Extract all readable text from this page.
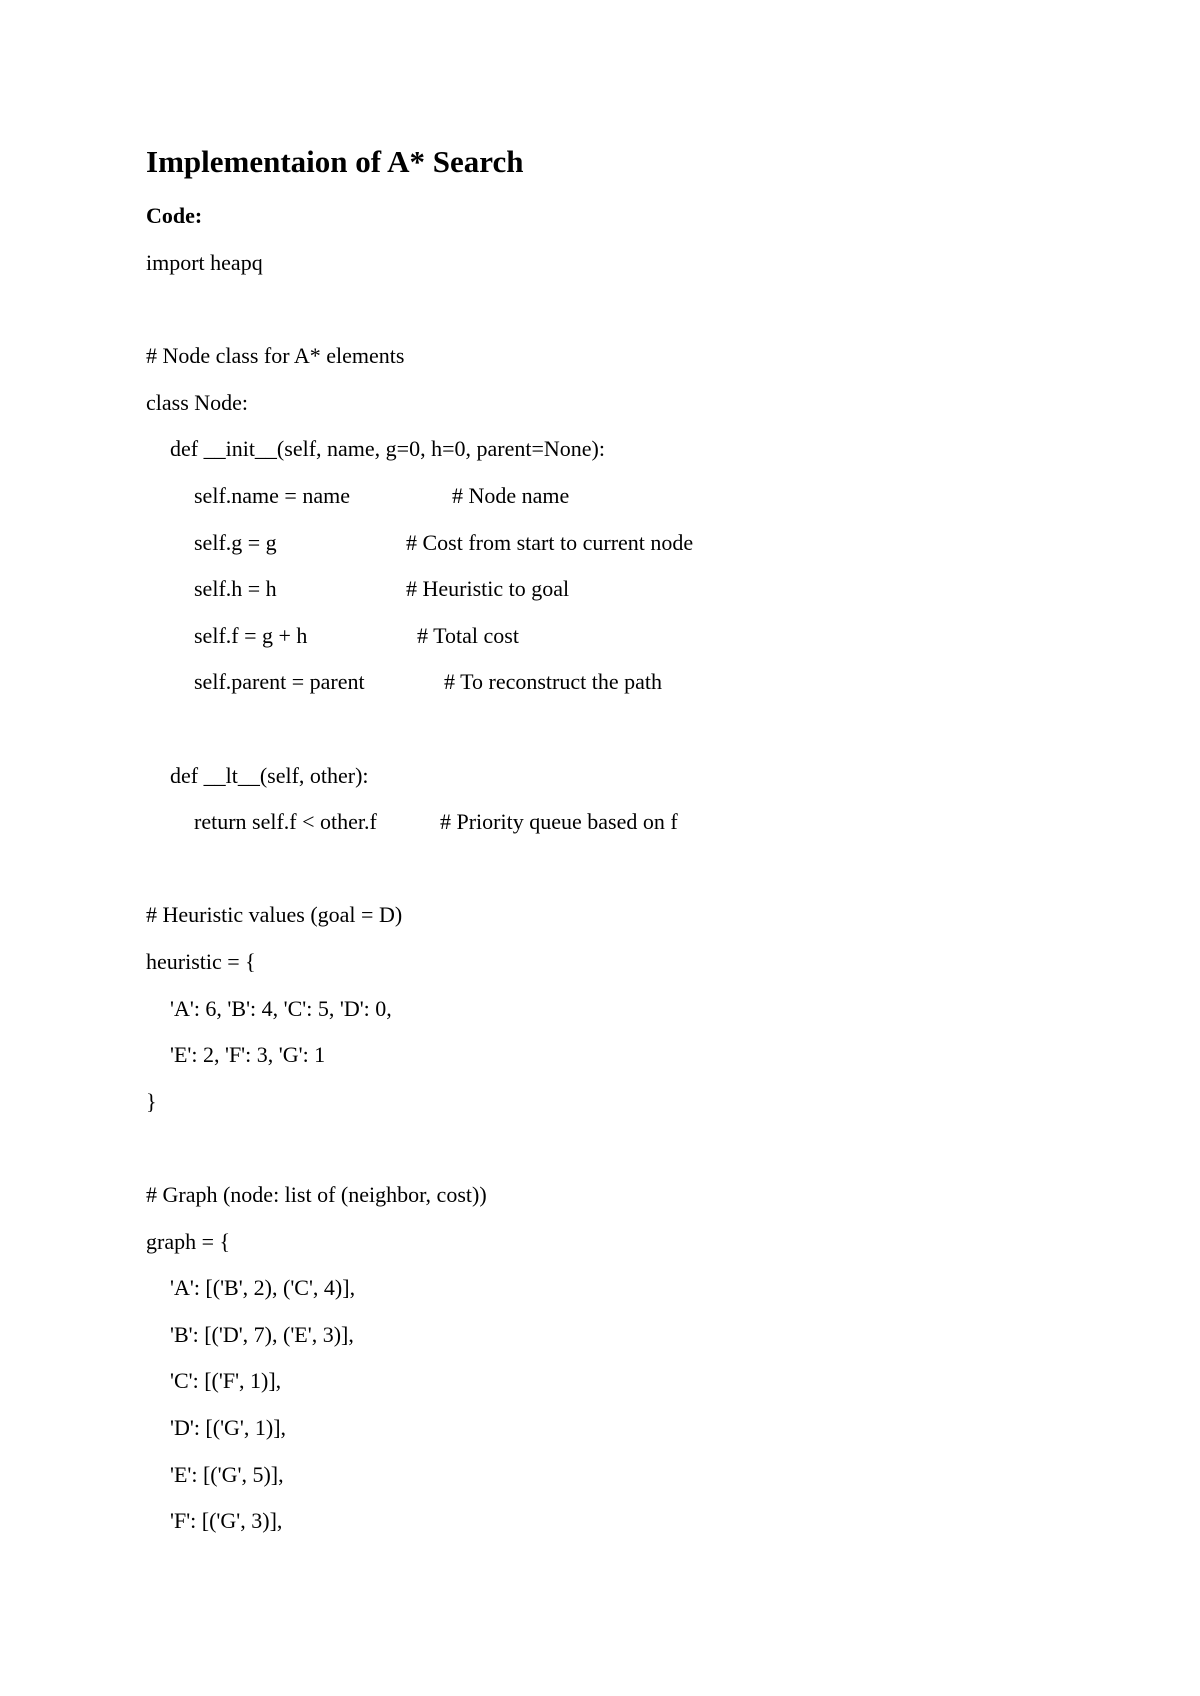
Implementaion of A* Search
Code:
import heapq
# Node class for A* elements
class Node:
def __init__(self, name, g=0, h=0, parent=None):
self.name = name	# Node name
self.g = g	# Cost from start to current node
self.h = h	# Heuristic to goal
self.f = g + h	# Total cost
self.parent = parent	# To reconstruct the path
def __lt__(self, other):
return self.f < other.f	# Priority queue based on f
# Heuristic values (goal = D)
heuristic = {
'A': 6, 'B': 4, 'C': 5, 'D': 0,
'E': 2, 'F': 3, 'G': 1
}
# Graph (node: list of (neighbor, cost))
graph = {
'A': [('B', 2), ('C', 4)],
'B': [('D', 7), ('E', 3)],
'C': [('F', 1)],
'D': [('G', 1)],
'E': [('G', 5)],
'F': [('G', 3)],
